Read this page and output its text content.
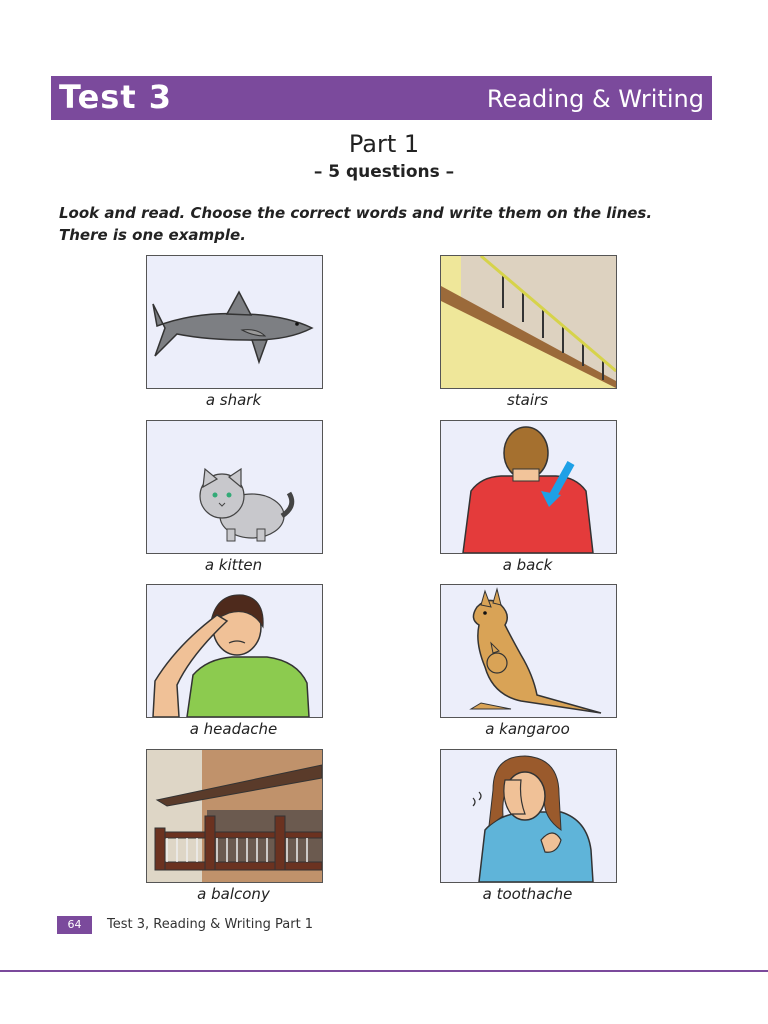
Test 3	Reading & Writing
Part 1
– 5 questions –
Look and read. Choose the correct words and write them on the lines.
There is one example.
a shark	stairs
a kitten	a back
a headache	a kangaroo
a balcony	a toothache
64	Test 3, Reading & Writing Part 1
